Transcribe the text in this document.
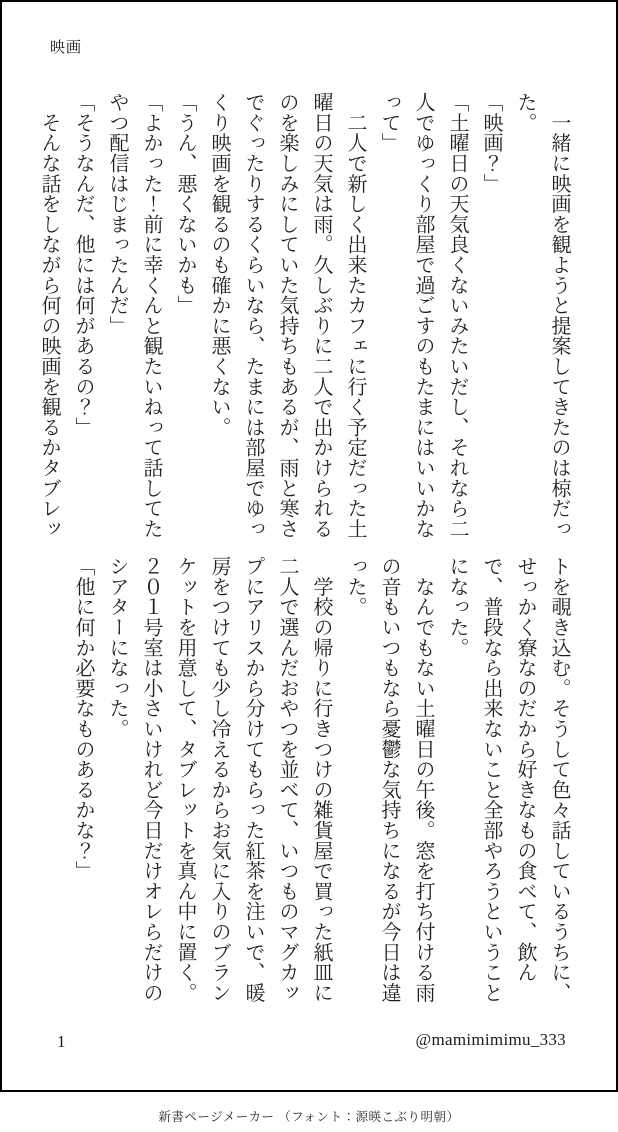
映画

　一緒に映画を観ようと提案してきたのは椋だった。

「映画？」

「土曜日の天気良くないみたいだし、それなら二人でゆっくり部屋で過ごすのもたまにはいいかなって」

　二人で新しく出来たカフェに行く予定だった土曜日の天気は雨。久しぶりに二人で出かけられるのを楽しみにしていた気持ちもあるが、雨と寒さでぐったりするくらいなら、たまには部屋でゆっくり映画を観るのも確かに悪くない。

「うん、悪くないかも」

「よかった！前に幸くんと観たいねって話してたやつ配信はじまったんだ」

「そうなんだ、他には何があるの？」

　そんな話をしながら何の映画を観るかタブレッ

トを覗き込む。そうして色々話しているうちに、せっかく寮なのだから好きなもの食べて、飲んで、普段なら出来ないこと全部やろうということになった。

　なんでもない土曜日の午後。窓を打ち付ける雨の音もいつもなら憂鬱な気持ちになるが今日は違った。

　学校の帰りに行きつけの雑貨屋で買った紙皿に二人で選んだおやつを並べて、いつものマグカップにアリスから分けてもらった紅茶を注いで、暖房をつけても少し冷えるからお気に入りのブランケットを用意して、タブレットを真ん中に置く。

２０１号室は小さいけれど今日だけオレらだけのシアターになった。

「他に何か必要なものあるかな？」

1	@mamimimimu_333
新書ページメーカー （フォント：源暎こぶり明朝）
